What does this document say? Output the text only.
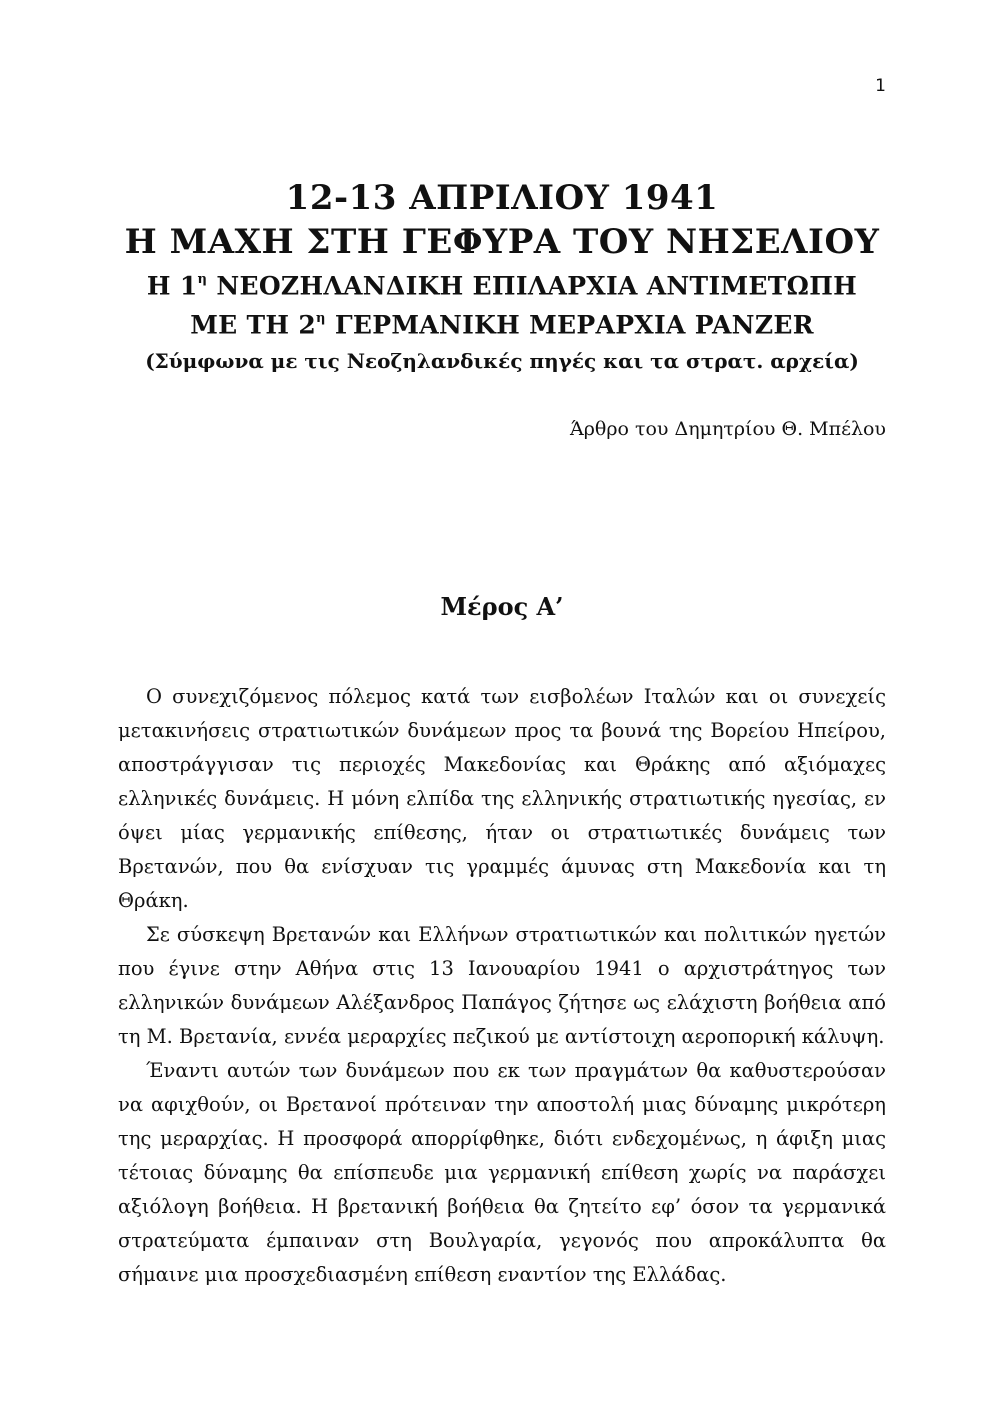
1
12-13 ΑΠΡΙΛΙΟΥ 1941
Η ΜΑΧΗ ΣΤΗ ΓΕΦΥΡΑ ΤΟΥ ΝΗΣΕΛΙΟΥ
Η $1^\eta$ ΝΕΟΖΗΛΑΝΔΙΚΗ ΕΠΙΛΑΡΧΙΑ ΑΝΤΙΜΕΤΩΠΗ
ΜΕ ΤΗ $2^\eta$ ΓΕΡΜΑΝΙΚΗ ΜΕΡΑΡΧΙΑ PANZER
(Σύμφωνα με τις Νεοζηλανδικές πηγές και τα στρατ. αρχεία)
Άρθρο του Δημητρίου Θ. Μπέλου
Μέρος Α’

Ο συνεχιζόμενος πόλεμος κατά των εισβολέων Ιταλών και οι συνεχείς μετακινήσεις στρατιωτικών δυνάμεων προς τα βουνά της Βορείου Ηπείρου, αποστράγγισαν τις περιοχές Μακεδονίας και Θράκης από αξιόμαχες ελληνικές δυνάμεις. Η μόνη ελπίδα της ελληνικής στρατιωτικής ηγεσίας, εν όψει μίας γερμανικής επίθεσης, ήταν οι στρατιωτικές δυνάμεις των Βρετανών, που θα ενίσχυαν τις γραμμές άμυνας στη Μακεδονία και τη Θράκη.

Σε σύσκεψη Βρετανών και Ελλήνων στρατιωτικών και πολιτικών ηγετών που έγινε στην Αθήνα στις 13 Ιανουαρίου 1941 ο αρχιστράτηγος των ελληνικών δυνάμεων Αλέξανδρος Παπάγος ζήτησε ως ελάχιστη βοήθεια από τη Μ. Βρετανία, εννέα μεραρχίες πεζικού με αντίστοιχη αεροπορική κάλυψη.

Έναντι αυτών των δυνάμεων που εκ των πραγμάτων θα καθυστερούσαν να αφιχθούν, οι Βρετανοί πρότειναν την αποστολή μιας δύναμης μικρότερη της μεραρχίας. Η προσφορά απορρίφθηκε, διότι ενδεχομένως, η άφιξη μιας τέτοιας δύναμης θα επίσπευδε μια γερμανική επίθεση χωρίς να παράσχει αξιόλογη βοήθεια. Η βρετανική βοήθεια θα ζητείτο εφ’ όσον τα γερμανικά στρατεύματα έμπαιναν στη Βουλγαρία, γεγονός που απροκάλυπτα θα σήμαινε μια προσχεδιασμένη επίθεση εναντίον της Ελλάδας.
